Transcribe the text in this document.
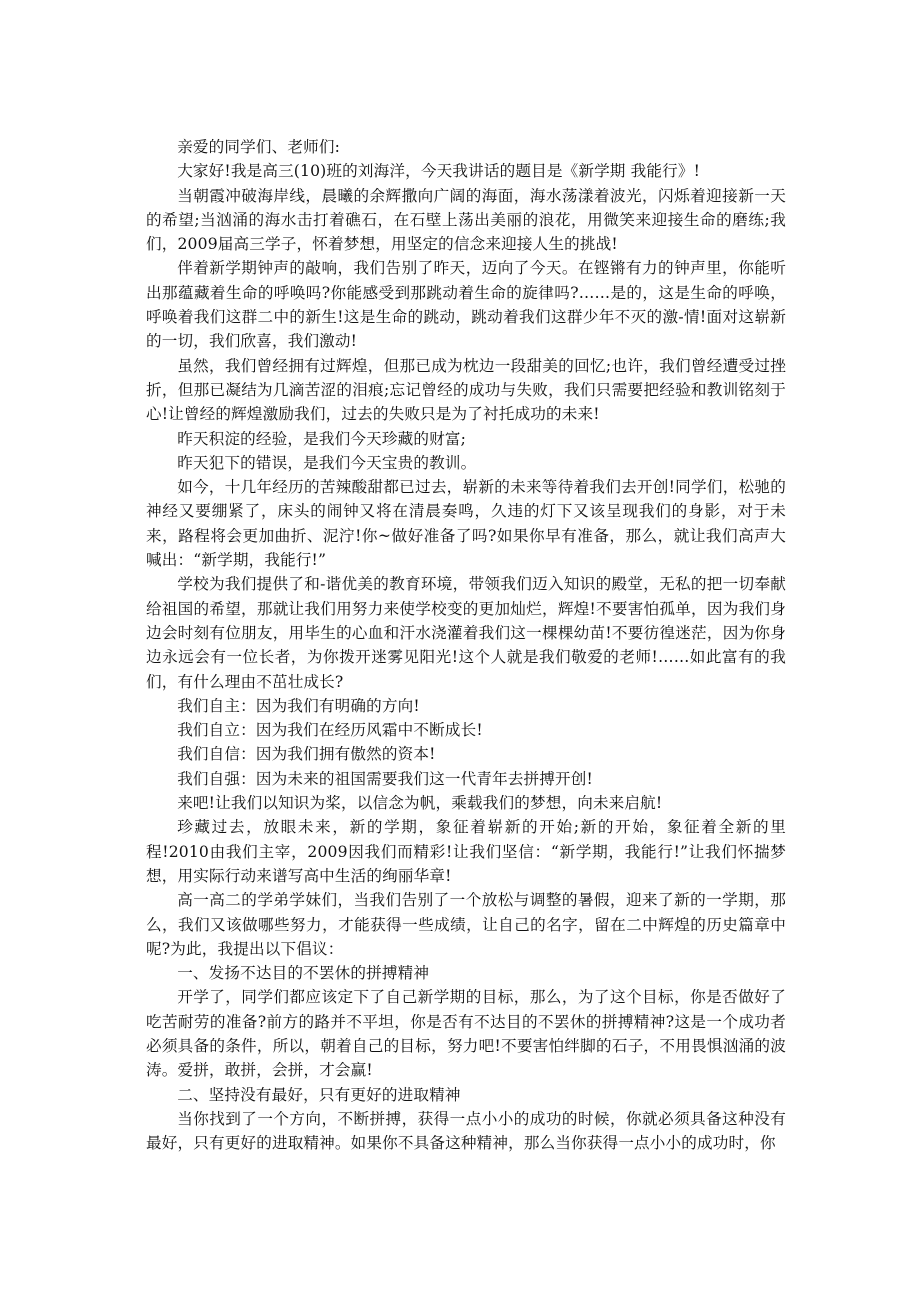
亲爱的同学们、老师们:

大家好!我是高三(10)班的刘海洋，今天我讲话的题目是《新学期 我能行》!

当朝霞冲破海岸线，晨曦的余辉撒向广阔的海面，海水荡漾着波光，闪烁着迎接新一天的希望;当汹涌的海水击打着礁石，在石壁上荡出美丽的浪花，用微笑来迎接生命的磨练;我们，2009届高三学子，怀着梦想，用坚定的信念来迎接人生的挑战!

伴着新学期钟声的敲响，我们告别了昨天，迈向了今天。在铿锵有力的钟声里，你能听出那蕴藏着生命的呼唤吗?你能感受到那跳动着生命的旋律吗?……是的，这是生命的呼唤，呼唤着我们这群二中的新生!这是生命的跳动，跳动着我们这群少年不灭的激-情!面对这崭新的一切，我们欣喜，我们激动!

虽然，我们曾经拥有过辉煌，但那已成为枕边一段甜美的回忆;也许，我们曾经遭受过挫折，但那已凝结为几滴苦涩的泪痕;忘记曾经的成功与失败，我们只需要把经验和教训铭刻于心!让曾经的辉煌激励我们，过去的失败只是为了衬托成功的未来!

昨天积淀的经验，是我们今天珍藏的财富;

昨天犯下的错误，是我们今天宝贵的教训。

如今，十几年经历的苦辣酸甜都已过去，崭新的未来等待着我们去开创!同学们，松驰的神经又要绷紧了，床头的闹钟又将在清晨奏鸣，久违的灯下又该呈现我们的身影，对于未来，路程将会更加曲折、泥泞!你~做好准备了吗?如果你早有准备，那么，就让我们高声大喊出：“新学期，我能行!”

学校为我们提供了和-谐优美的教育环境，带领我们迈入知识的殿堂，无私的把一切奉献给祖国的希望，那就让我们用努力来使学校变的更加灿烂，辉煌!不要害怕孤单，因为我们身边会时刻有位朋友，用毕生的心血和汗水浇灌着我们这一棵棵幼苗!不要彷徨迷茫，因为你身边永远会有一位长者，为你拨开迷雾见阳光!这个人就是我们敬爱的老师!……如此富有的我们，有什么理由不茁壮成长?

我们自主：因为我们有明确的方向!

我们自立：因为我们在经历风霜中不断成长!

我们自信：因为我们拥有傲然的资本!

我们自强：因为未来的祖国需要我们这一代青年去拼搏开创!

来吧!让我们以知识为桨，以信念为帆，乘载我们的梦想，向未来启航!

珍藏过去，放眼未来，新的学期，象征着崭新的开始;新的开始，象征着全新的里程!2010由我们主宰，2009因我们而精彩!让我们坚信：“新学期，我能行!”让我们怀揣梦想，用实际行动来谱写高中生活的绚丽华章!

高一高二的学弟学妹们，当我们告别了一个放松与调整的暑假，迎来了新的一学期，那么，我们又该做哪些努力，才能获得一些成绩，让自己的名字，留在二中辉煌的历史篇章中呢?为此，我提出以下倡议：

一、发扬不达目的不罢休的拼搏精神

开学了，同学们都应该定下了自己新学期的目标，那么，为了这个目标，你是否做好了吃苦耐劳的准备?前方的路并不平坦，你是否有不达目的不罢休的拼搏精神?这是一个成功者必须具备的条件，所以，朝着自己的目标，努力吧!不要害怕绊脚的石子，不用畏惧汹涌的波涛。爱拼，敢拼，会拼，才会赢!

二、坚持没有最好，只有更好的进取精神

当你找到了一个方向，不断拼搏，获得一点小小的成功的时候，你就必须具备这种没有最好，只有更好的进取精神。如果你不具备这种精神，那么当你获得一点小小的成功时，你
